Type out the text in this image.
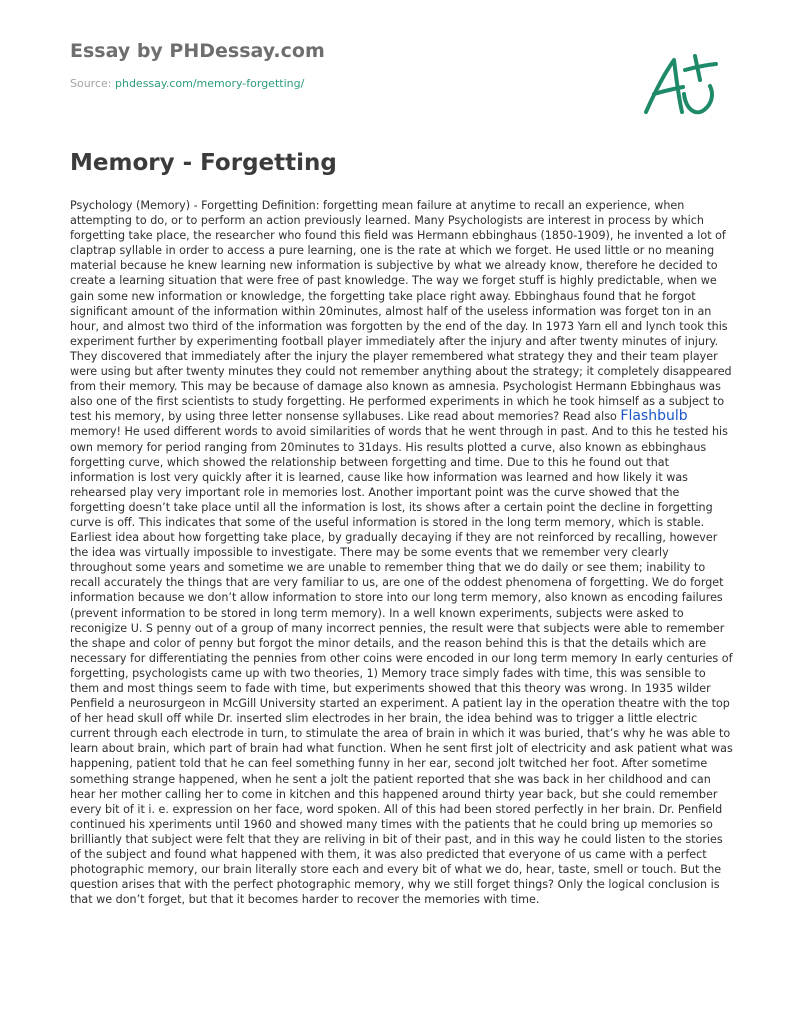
Essay by PHDessay.com
Source: phdessay.com/memory-forgetting/
Memory - Forgetting

Psychology (Memory) - Forgetting Definition: forgetting mean failure at anytime to recall an experience, when attempting to do, or to perform an action previously learned. Many Psychologists are interest in process by which forgetting take place, the researcher who found this field was Hermann ebbinghaus (1850-1909), he invented a lot of claptrap syllable in order to access a pure learning, one is the rate at which we forget. He used little or no meaning material because he knew learning new information is subjective by what we already know, therefore he decided to create a learning situation that were free of past knowledge. The way we forget stuff is highly predictable, when we gain some new information or knowledge, the forgetting take place right away. Ebbinghaus found that he forgot significant amount of the information within 20minutes, almost half of the useless information was forget ton in an hour, and almost two third of the information was forgotten by the end of the day. In 1973 Yarn ell and lynch took this experiment further by experimenting football player immediately after the injury and after twenty minutes of injury. They discovered that immediately after the injury the player remembered what strategy they and their team player were using but after twenty minutes they could not remember anything about the strategy; it completely disappeared from their memory. This may be because of damage also known as amnesia. Psychologist Hermann Ebbinghaus was also one of the first scientists to study forgetting. He performed experiments in which he took himself as a subject to test his memory, by using three letter nonsense syllabuses. Like read about memories? Read also Flashbulb memory! He used different words to avoid similarities of words that he went through in past. And to this he tested his own memory for period ranging from 20minutes to 31days. His results plotted a curve, also known as ebbinghaus forgetting curve, which showed the relationship between forgetting and time. Due to this he found out that information is lost very quickly after it is learned, cause like how information was learned and how likely it was rehearsed play very important role in memories lost. Another important point was the curve showed that the forgetting doesn’t take place until all the information is lost, its shows after a certain point the decline in forgetting curve is off. This indicates that some of the useful information is stored in the long term memory, which is stable. Earliest idea about how forgetting take place, by gradually decaying if they are not reinforced by recalling, however the idea was virtually impossible to investigate. There may be some events that we remember very clearly throughout some years and sometime we are unable to remember thing that we do daily or see them; inability to recall accurately the things that are very familiar to us, are one of the oddest phenomena of forgetting. We do forget information because we don’t allow information to store into our long term memory, also known as encoding failures (prevent information to be stored in long term memory). In a well known experiments, subjects were asked to reconigize U. S penny out of a group of many incorrect pennies, the result were that subjects were able to remember the shape and color of penny but forgot the minor details, and the reason behind this is that the details which are necessary for differentiating the pennies from other coins were encoded in our long term memory In early centuries of forgetting, psychologists came up with two theories, 1) Memory trace simply fades with time, this was sensible to them and most things seem to fade with time, but experiments showed that this theory was wrong. In 1935 wilder Penfield a neurosurgeon in McGill University started an experiment. A patient lay in the operation theatre with the top of her head skull off while Dr. inserted slim electrodes in her brain, the idea behind was to trigger a little electric current through each electrode in turn, to stimulate the area of brain in which it was buried, that’s why he was able to learn about brain, which part of brain had what function. When he sent first jolt of electricity and ask patient what was happening, patient told that he can feel something funny in her ear, second jolt twitched her foot. After sometime something strange happened, when he sent a jolt the patient reported that she was back in her childhood and can hear her mother calling her to come in kitchen and this happened around thirty year back, but she could remember every bit of it i. e. expression on her face, word spoken. All of this had been stored perfectly in her brain. Dr. Penfield continued his xperiments until 1960 and showed many times with the patients that he could bring up memories so brilliantly that subject were felt that they are reliving in bit of their past, and in this way he could listen to the stories of the subject and found what happened with them, it was also predicted that everyone of us came with a perfect photographic memory, our brain literally store each and every bit of what we do, hear, taste, smell or touch. But the question arises that with the perfect photographic memory, why we still forget things? Only the logical conclusion is that we don’t forget, but that it becomes harder to recover the memories with time.
